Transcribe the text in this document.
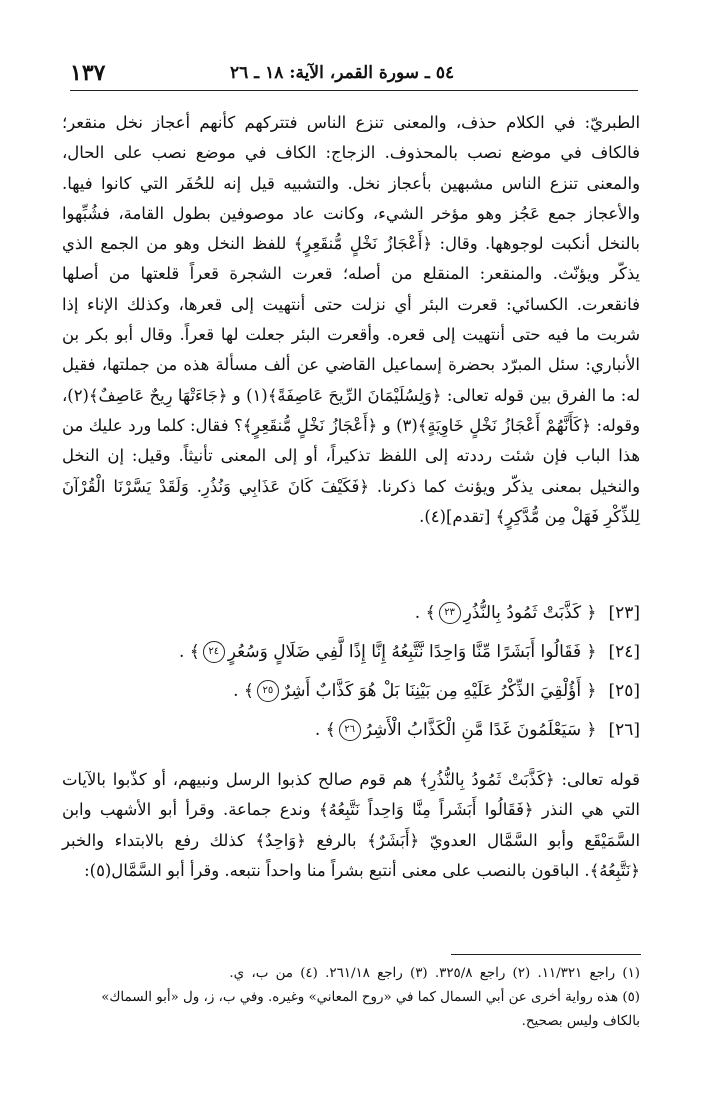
١٣٧	٥٤ ـ سورة القمر، الآية: ١٨ ـ ٢٦

الطبريّ: في الكلام حذف، والمعنى تنزع الناس فتتركهم كأنهم أعجاز نخل منقعر؛ فالكاف في موضع نصب بالمحذوف. الزجاج: الكاف في موضع نصب على الحال، والمعنى تنزع الناس مشبهين بأعجاز نخل. والتشبيه قيل إنه للحُفَر التي كانوا فيها. والأعجاز جمع عَجُز وهو مؤخر الشيء، وكانت عاد موصوفين بطول القامة، فشُبِّهوا بالنخل أنكبت لوجوهها. وقال: ﴿أَعْجَازُ نَخْلٍ مُّنقَعِرٍ﴾ للفظ النخل وهو من الجمع الذي يذكّر ويؤنّث. والمنقعر: المنقلع من أصله؛ قعرت الشجرة قعراً قلعتها من أصلها فانقعرت. الكسائي: قعرت البئر أي نزلت حتى أنتهيت إلى قعرها، وكذلك الإناء إذا شربت ما فيه حتى أنتهيت إلى قعره. وأقعرت البئر جعلت لها قعراً. وقال أبو بكر بن الأنباري: سئل المبرّد بحضرة إسماعيل القاضي عن ألف مسألة هذه من جملتها، فقيل له: ما الفرق بين قوله تعالى: ﴿وَلِسُلَيْمَانَ الرِّيحَ عَاصِفَةً﴾(١) و ﴿جَاءَتْهَا رِيحٌ عَاصِفٌ﴾(٢)، وقوله: ﴿كَأَنَّهُمْ أَعْجَازُ نَخْلٍ خَاوِيَةٍ﴾(٣) و ﴿أَعْجَازُ نَخْلٍ مُّنقَعِرٍ﴾؟ فقال: كلما ورد عليك من هذا الباب فإن شئت رددته إلى اللفظ تذكيراً، أو إلى المعنى تأنيثاً. وقيل: إن النخل والنخيل بمعنى يذكّر ويؤنث كما ذكرنا. ﴿فَكَيْفَ كَانَ عَذَابِي وَنُذُرِ. وَلَقَدْ يَسَّرْنَا الْقُرْآنَ لِلذِّكْرِ فَهَلْ مِن مُّدَّكِرٍ﴾ [تقدم](٤).

[٢٣]
﴿ كَذَّبَتْ ثَمُودُ بِالنُّذُرِ
٢٣
﴾ .
[٢٤]
﴿ فَقَالُوا أَبَشَرًا مِّنَّا وَاحِدًا نَّتَّبِعُهُ إِنَّا إِذًا لَّفِي ضَلَالٍ وَسُعُرٍ
٢٤
﴾ .
[٢٥]
﴿ أَؤُلْقِيَ الذِّكْرُ عَلَيْهِ مِن بَيْنِنَا بَلْ هُوَ كَذَّابٌ أَشِرٌ
٢٥
﴾ .
[٢٦]
﴿ سَيَعْلَمُونَ غَدًا مَّنِ الْكَذَّابُ الْأَشِرُ
٢٦
﴾ .

قوله تعالى: ﴿كَذَّبَتْ ثَمُودُ بِالنُّذُرِ﴾ هم قوم صالح كذبوا الرسل ونبيهم، أو كذّبوا بالآيات التي هي النذر ﴿فَقَالُوا أَبَشَراً مِنَّا وَاحِداً نَتَّبِعُهُ﴾ وندع جماعة. وقرأ أبو الأشهب وابن السَّمَيْقَع وأبو السَّمَّال العدويّ ﴿أَبَشَرٌ﴾ بالرفع ﴿وَاحِدٌ﴾ كذلك رفع بالابتداء والخبر ﴿نَتَّبِعُهُ﴾. الباقون بالنصب على معنى أنتبع بشراً منا واحداً نتبعه. وقرأ أبو السَّمَّال(٥):

(١) راجع ١١/٣٢١. (٢) راجع ٣٢٥/٨. (٣) راجع ٢٦١/١٨. (٤) من ب، ي.

(٥) هذه رواية أخرى عن أبي السمال كما في «روح المعاني» وغيره. وفي ب، ز، ول «أبو السماك»

بالكاف وليس بصحيح.
